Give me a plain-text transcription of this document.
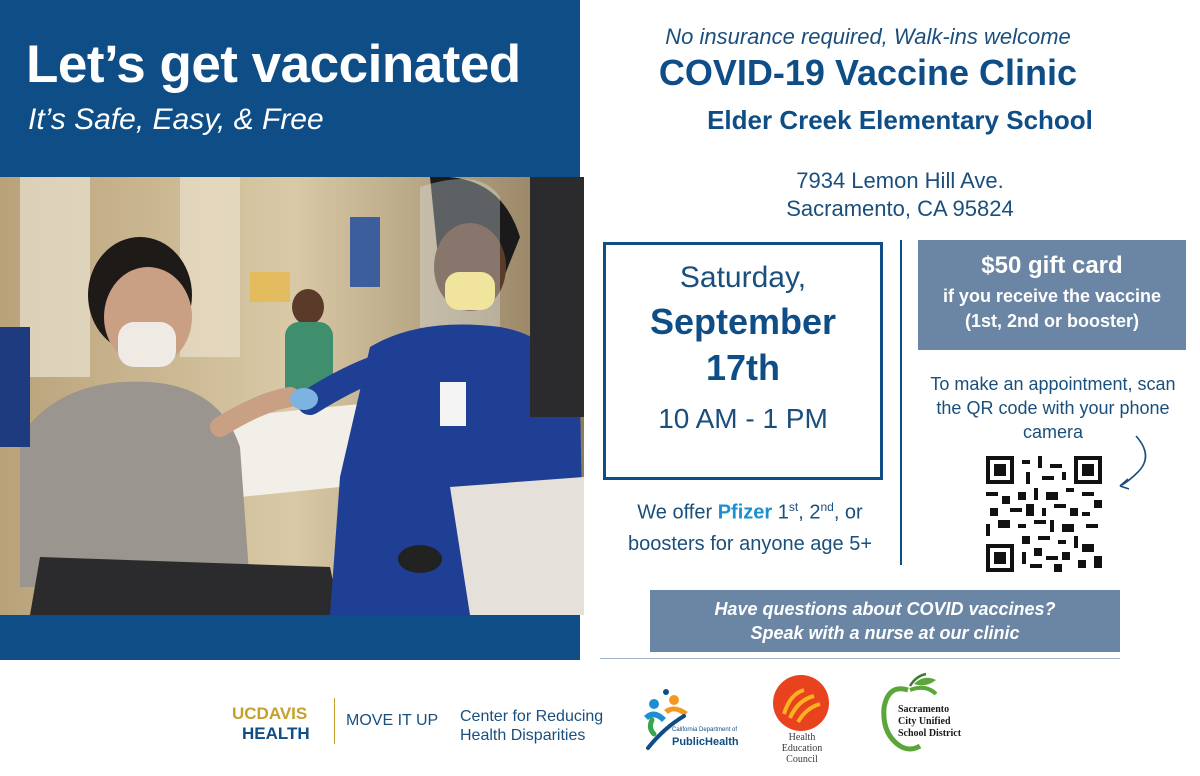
Let’s get vaccinated
It’s Safe, Easy, & Free
No insurance required, Walk-ins welcome
COVID-19 Vaccine Clinic
Elder Creek Elementary School
7934 Lemon Hill Ave.
Sacramento, CA 95824
Saturday,
September
17th
10 AM - 1 PM
We offer Pfizer 1st, 2nd, or boosters for anyone age 5+
$50 gift card
if you receive the vaccine
(1st, 2nd or booster)
To make an appointment, scan the QR code with your phone camera
Have questions about COVID vaccines?
Speak with a nurse at our clinic
UCDAVIS
HEALTH
MOVE IT UP Center for Reducing
Health Disparities	California Department of
PublicHealth	Health
Education
Council
Sacramento
City Unified
School District
